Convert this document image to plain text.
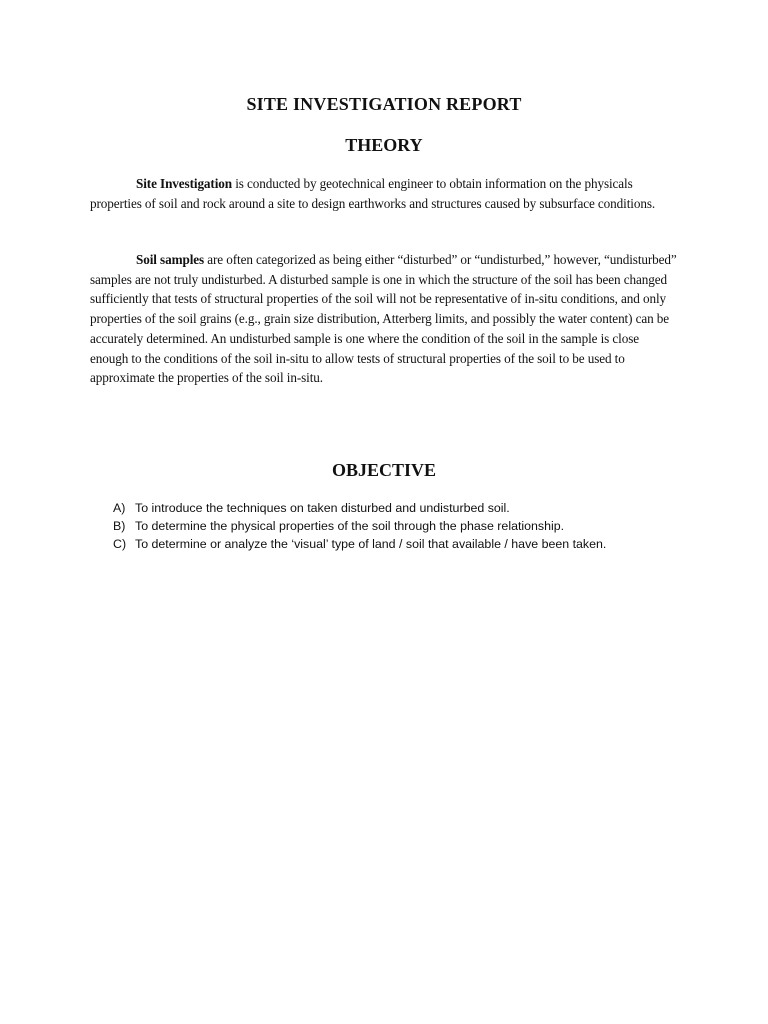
SITE INVESTIGATION REPORT
THEORY

Site Investigation is conducted by geotechnical engineer to obtain information on the physicals properties of soil and rock around a site to design earthworks and structures caused by subsurface conditions.

Soil samples are often categorized as being either “disturbed” or “undisturbed,” however, “undisturbed” samples are not truly undisturbed. A disturbed sample is one in which the structure of the soil has been changed sufficiently that tests of structural properties of the soil will not be representative of in-situ conditions, and only properties of the soil grains (e.g., grain size distribution, Atterberg limits, and possibly the water content) can be accurately determined. An undisturbed sample is one where the condition of the soil in the sample is close enough to the conditions of the soil in-situ to allow tests of structural properties of the soil to be used to approximate the properties of the soil in-situ.

OBJECTIVE
A) To introduce the techniques on taken disturbed and undisturbed soil.
B) To determine the physical properties of the soil through the phase relationship.
C) To determine or analyze the ‘visual’ type of land / soil that available / have been taken.
